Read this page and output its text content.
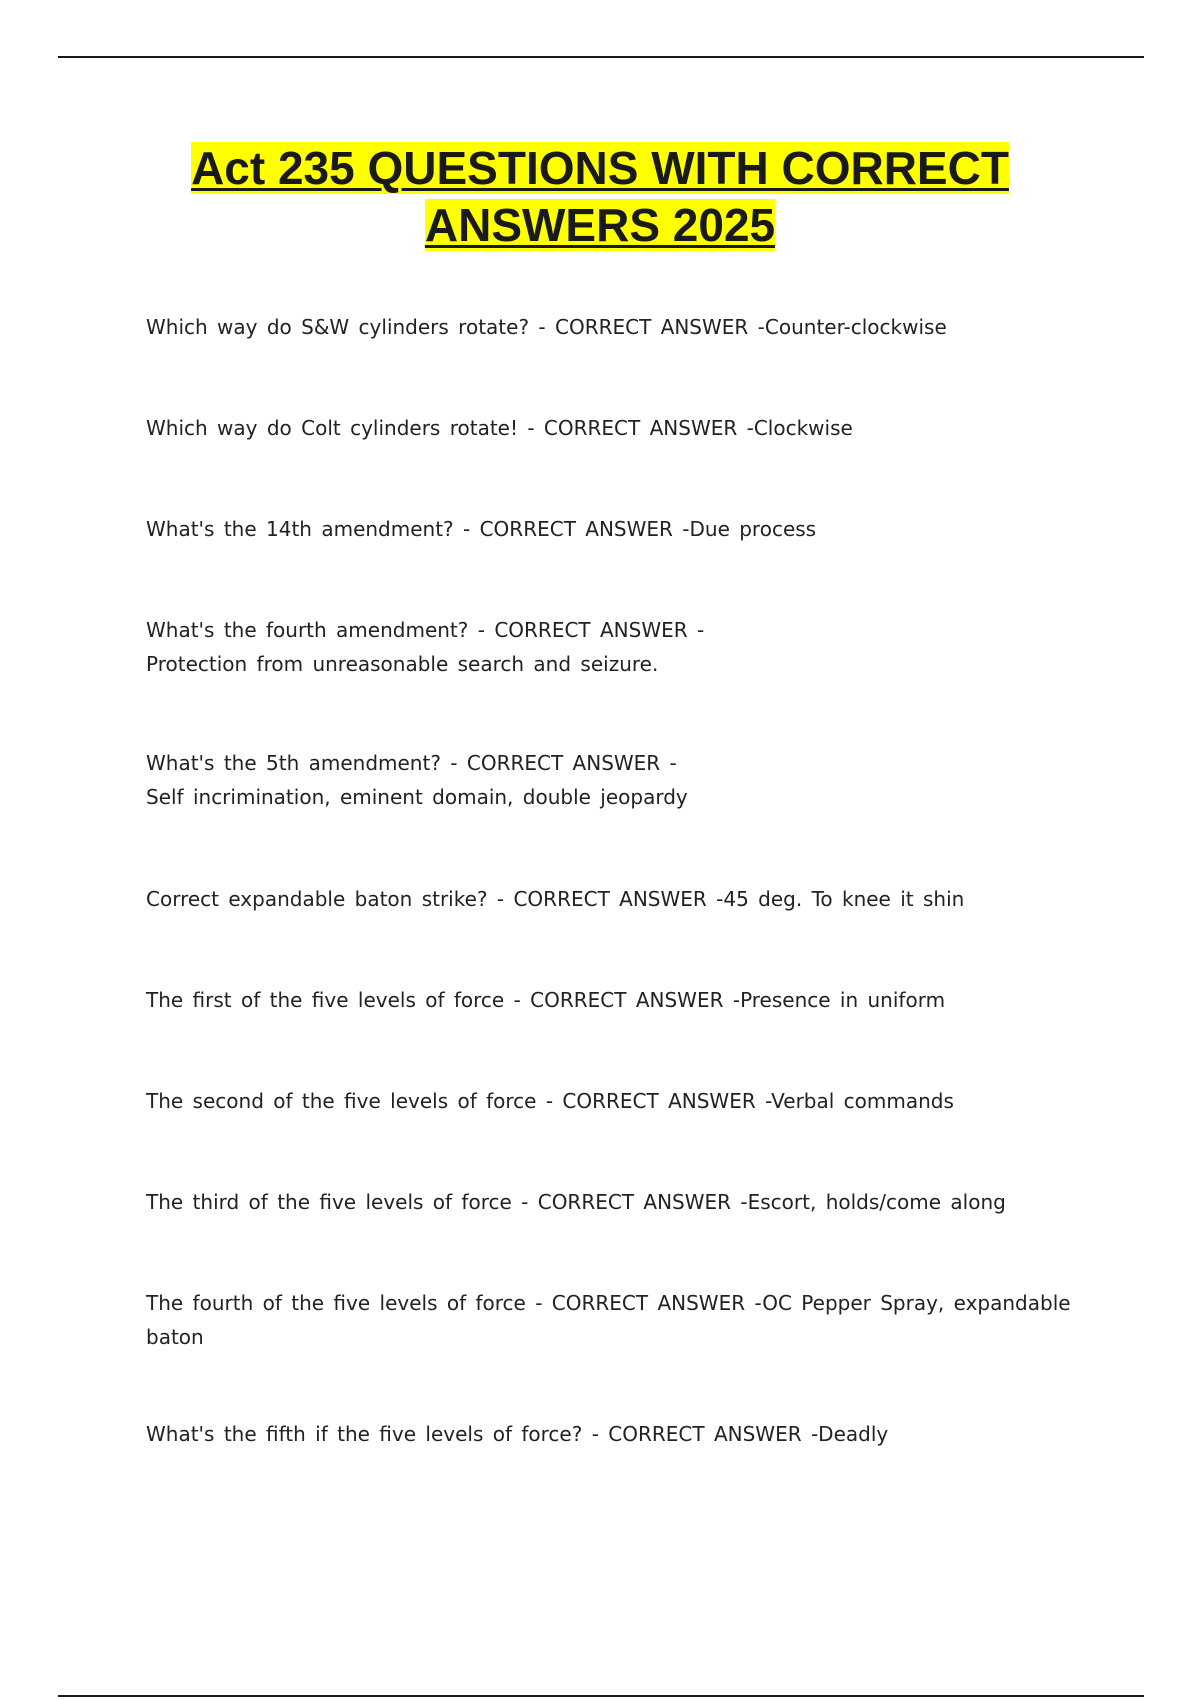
Act 235 QUESTIONS WITH CORRECT
ANSWERS 2025
Which way do S&W cylinders rotate? - CORRECT ANSWER -Counter-clockwise
Which way do Colt cylinders rotate! - CORRECT ANSWER -Clockwise
What's the 14th amendment? - CORRECT ANSWER -Due process
What's the fourth amendment? - CORRECT ANSWER -
Protection from unreasonable search and seizure.
What's the 5th amendment? - CORRECT ANSWER -
Self incrimination, eminent domain, double jeopardy
Correct expandable baton strike? - CORRECT ANSWER -45 deg. To knee it shin
The first of the five levels of force - CORRECT ANSWER -Presence in uniform
The second of the five levels of force - CORRECT ANSWER -Verbal commands
The third of the five levels of force - CORRECT ANSWER -Escort, holds/come along
The fourth of the five levels of force - CORRECT ANSWER -OC Pepper Spray, expandable
baton
What's the fifth if the five levels of force? - CORRECT ANSWER -Deadly
